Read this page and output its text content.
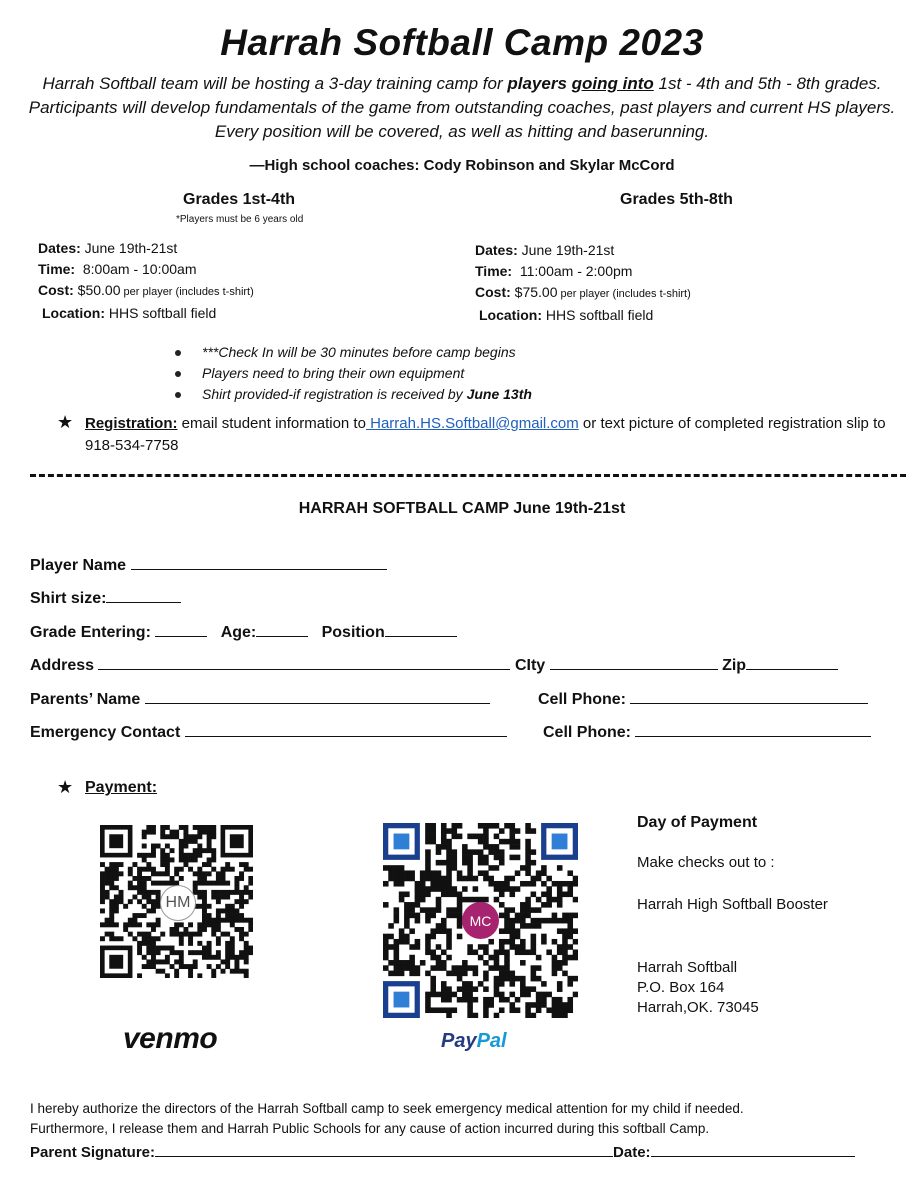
Harrah Softball Camp 2023
Harrah Softball team will be hosting a 3-day training camp for players going into 1st - 4th and 5th - 8th grades. Participants will develop fundamentals of the game from outstanding coaches, past players and current HS players. Every position will be covered, as well as hitting and baserunning.
—High school coaches: Cody Robinson and Skylar McCord
Grades 1st-4th
*Players must be 6 years old
Dates: June 19th-21st
Time:  8:00am - 10:00am
Cost: $50.00 per player (includes t-shirt)
Location: HHS softball field
Grades 5th-8th
Dates: June 19th-21st
Time:  11:00am - 2:00pm
Cost: $75.00 per player (includes t-shirt)
Location: HHS softball field
***Check In will be 30 minutes before camp begins
Players need to bring their own equipment
Shirt provided-if registration is received by June 13th
★ Registration: email student information to Harrah.HS.Softball@gmail.com or text picture of completed registration slip to 918-534-7758
HARRAH SOFTBALL CAMP June 19th-21st
Player Name
Shirt size:
Grade Entering:	Age:	Position
Address	CIty	Zip
Parents’ Name	Cell Phone:
Emergency Contact	Cell Phone:
★ Payment:
HM
venmo
MC
PayPal
Day of Payment
Make checks out to :
Harrah High Softball Booster
Harrah Softball
P.O. Box 164
Harrah,OK. 73045
I hereby authorize the directors of the Harrah Softball camp to seek emergency medical attention for my child if needed.
Furthermore, I release them and Harrah Public Schools for any cause of action incurred during this softball Camp.
Parent Signature:	Date:
